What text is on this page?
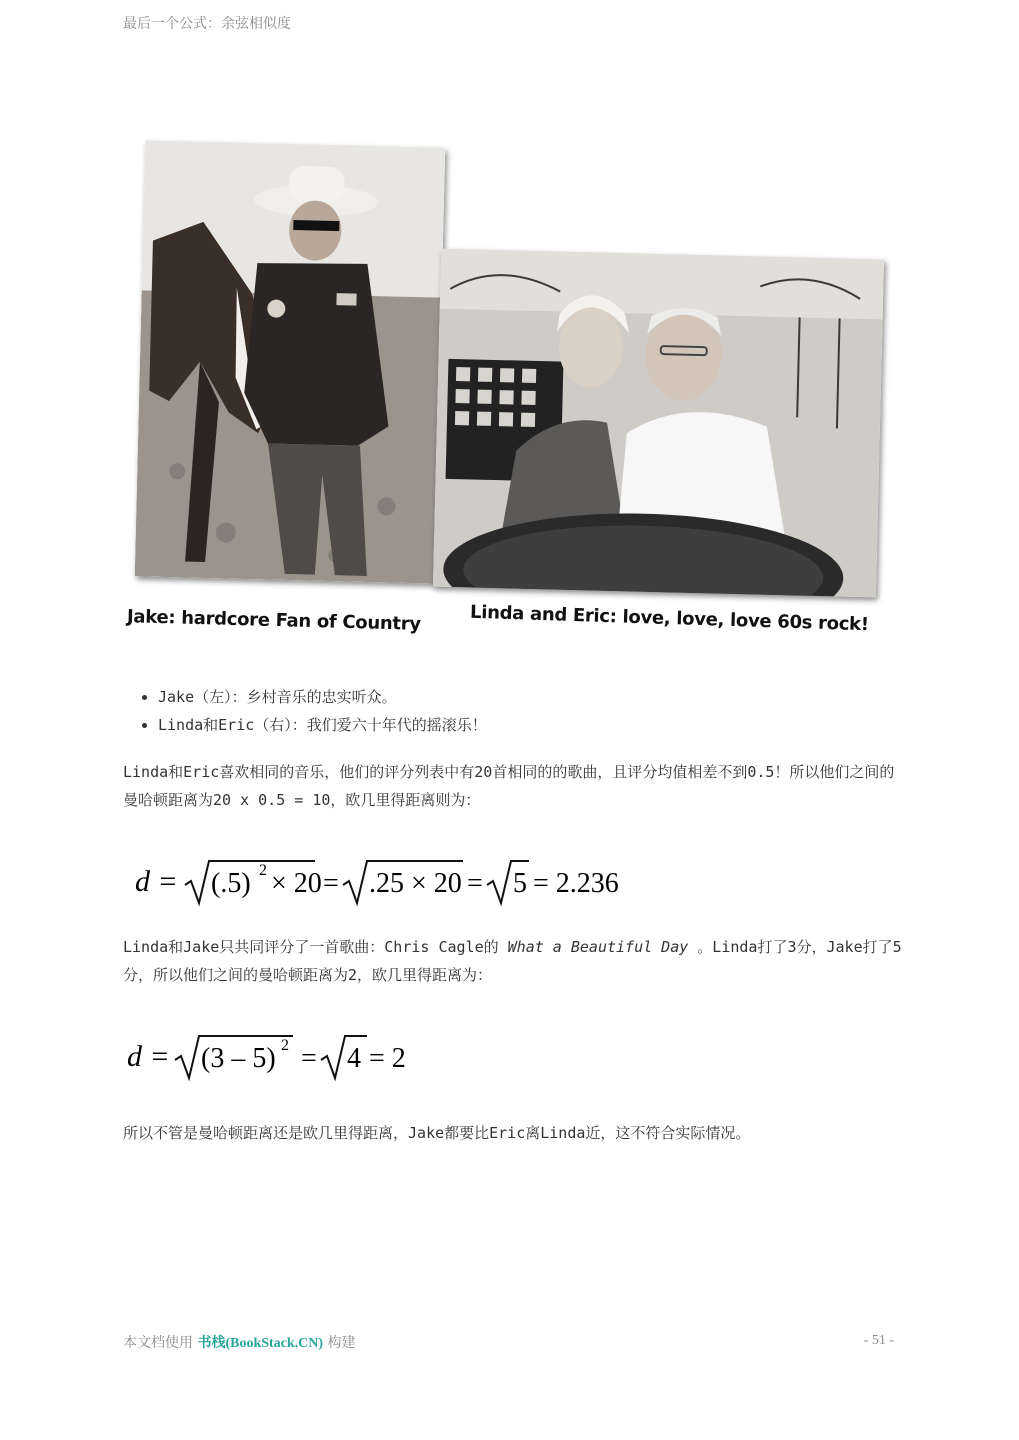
最后一个公式：余弦相似度
Jake: hardcore Fan of Country	Linda and Eric: love, love, love 60s rock!
• Jake（左）：乡村音乐的忠实听众。
• Linda和Eric（右）：我们爱六十年代的摇滚乐！

Linda和Eric喜欢相同的音乐，他们的评分列表中有20首相同的的歌曲，且评分均值相差不到0.5！所以他们之间的曼哈顿距离为20 x 0.5 = 10，欧几里得距离则为：

d = (.5) 2 × 20 = .25 × 20 = 5 = 2.236

Linda和Jake只共同评分了一首歌曲：Chris Cagle的 What a Beautiful Day 。Linda打了3分，Jake打了5分，所以他们之间的曼哈顿距离为2，欧几里得距离为：

d = (3 – 5) 2 = 4 = 2

所以不管是曼哈顿距离还是欧几里得距离，Jake都要比Eric离Linda近，这不符合实际情况。

本文档使用 书栈(BookStack.CN) 构建	- 51 -
